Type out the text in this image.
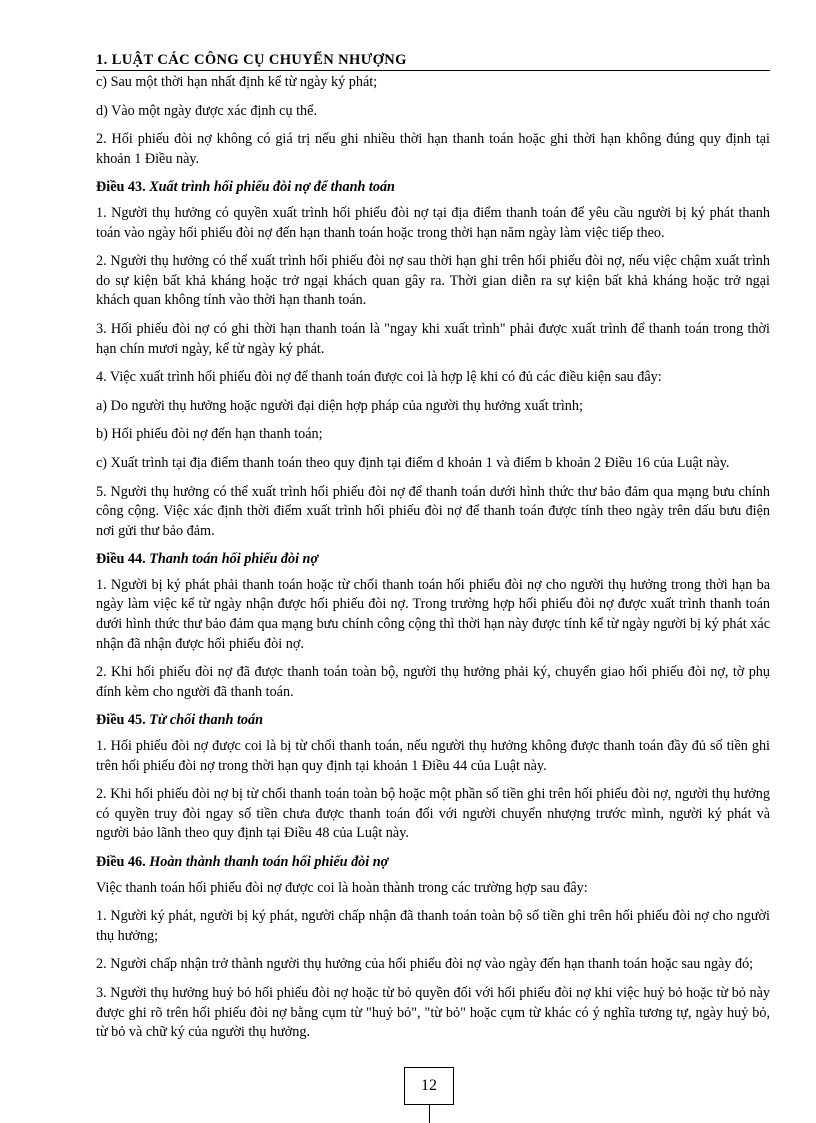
1. LUẬT CÁC CÔNG CỤ CHUYỂN NHƯỢNG

c) Sau một thời hạn nhất định kể từ ngày ký phát;

d) Vào một ngày được xác định cụ thể.

2. Hối phiếu đòi nợ không có giá trị nếu ghi nhiều thời hạn thanh toán hoặc ghi thời hạn không đúng quy định tại khoản 1 Điều này.

Điều 43. Xuất trình hối phiếu đòi nợ để thanh toán

1. Người thụ hưởng có quyền xuất trình hối phiếu đòi nợ tại địa điểm thanh toán để yêu cầu người bị ký phát thanh toán vào ngày hối phiếu đòi nợ đến hạn thanh toán hoặc trong thời hạn năm ngày làm việc tiếp theo.

2. Người thụ hưởng có thể xuất trình hối phiếu đòi nợ sau thời hạn ghi trên hối phiếu đòi nợ, nếu việc chậm xuất trình do sự kiện bất khả kháng hoặc trở ngại khách quan gây ra. Thời gian diễn ra sự kiện bất khả kháng hoặc trở ngại khách quan không tính vào thời hạn thanh toán.

3. Hối phiếu đòi nợ có ghi thời hạn thanh toán là "ngay khi xuất trình" phải được xuất trình để thanh toán trong thời hạn chín mươi ngày, kể từ ngày ký phát.

4. Việc xuất trình hối phiếu đòi nợ để thanh toán được coi là hợp lệ khi có đủ các điều kiện sau đây:

a) Do người thụ hưởng hoặc người đại diện hợp pháp của người thụ hưởng xuất trình;

b) Hối phiếu đòi nợ đến hạn thanh toán;

c) Xuất trình tại địa điểm thanh toán theo quy định tại điểm d khoản 1 và điểm b khoản 2 Điều 16 của Luật này.

5. Người thụ hưởng có thể xuất trình hối phiếu đòi nợ để thanh toán dưới hình thức thư bảo đảm qua mạng bưu chính công cộng. Việc xác định thời điểm xuất trình hối phiếu đòi nợ để thanh toán được tính theo ngày trên dấu bưu điện nơi gửi thư bảo đảm.

Điều 44. Thanh toán hối phiếu đòi nợ

1. Người bị ký phát phải thanh toán hoặc từ chối thanh toán hối phiếu đòi nợ cho người thụ hưởng trong thời hạn ba ngày làm việc kể từ ngày nhận được hối phiếu đòi nợ. Trong trường hợp hối phiếu đòi nợ được xuất trình thanh toán dưới hình thức thư bảo đảm qua mạng bưu chính công cộng thì thời hạn này được tính kể từ ngày người bị ký phát xác nhận đã nhận được hối phiếu đòi nợ.

2. Khi hối phiếu đòi nợ đã được thanh toán toàn bộ, người thụ hưởng phải ký, chuyển giao hối phiếu đòi nợ, tờ phụ đính kèm cho người đã thanh toán.

Điều 45. Từ chối thanh toán

1. Hối phiếu đòi nợ được coi là bị từ chối thanh toán, nếu người thụ hưởng không được thanh toán đầy đủ số tiền ghi trên hối phiếu đòi nợ trong thời hạn quy định tại khoản 1 Điều 44 của Luật này.

2. Khi hối phiếu đòi nợ bị từ chối thanh toán toàn bộ hoặc một phần số tiền ghi trên hối phiếu đòi nợ, người thụ hưởng có quyền truy đòi ngay số tiền chưa được thanh toán đối với người chuyển nhượng trước mình, người ký phát và người bảo lãnh theo quy định tại Điều 48 của Luật này.

Điều 46. Hoàn thành thanh toán hối phiếu đòi nợ

Việc thanh toán hối phiếu đòi nợ được coi là hoàn thành trong các trường hợp sau đây:

1. Người ký phát, người bị ký phát, người chấp nhận đã thanh toán toàn bộ số tiền ghi trên hối phiếu đòi nợ cho người thụ hưởng;

2. Người chấp nhận trở thành người thụ hưởng của hối phiếu đòi nợ vào ngày đến hạn thanh toán hoặc sau ngày đó;

3. Người thụ hưởng huỷ bỏ hối phiếu đòi nợ hoặc từ bỏ quyền đối với hối phiếu đòi nợ khi việc huỷ bỏ hoặc từ bỏ này được ghi rõ trên hối phiếu đòi nợ bằng cụm từ "huỷ bỏ", "từ bỏ" hoặc cụm từ khác có ý nghĩa tương tự, ngày huỷ bỏ, từ bỏ và chữ ký của người thụ hưởng.

12
